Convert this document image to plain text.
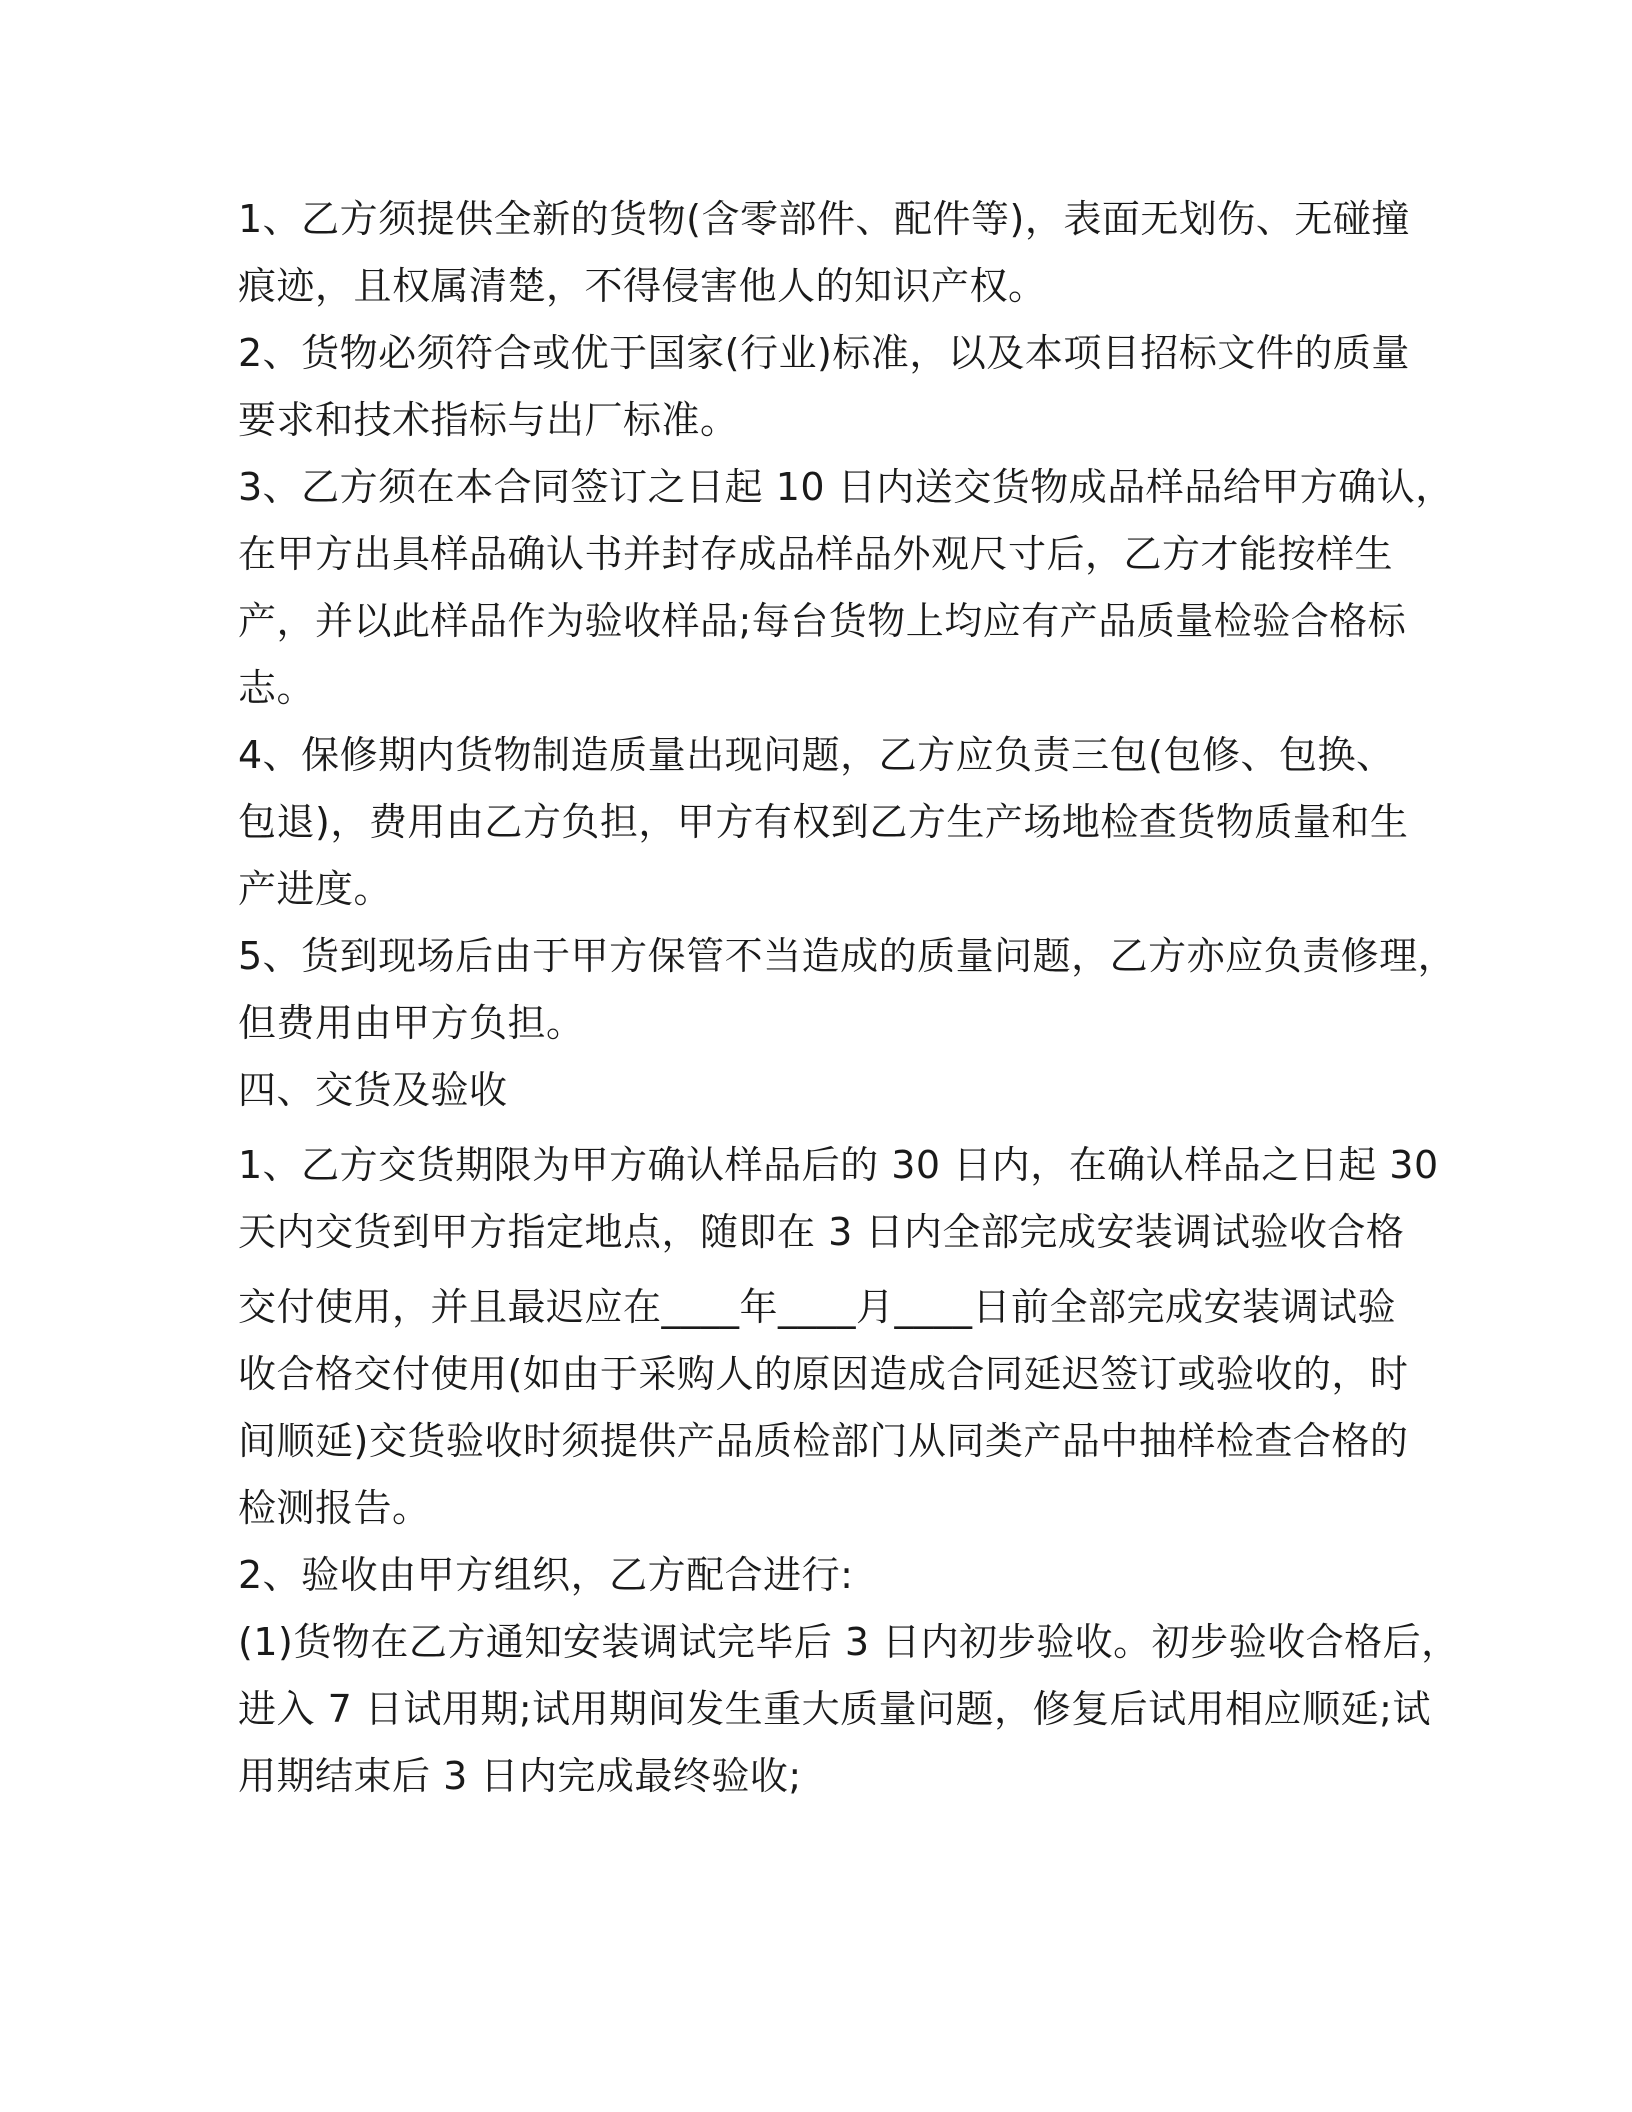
1、乙方须提供全新的货物(含零部件、配件等)，表面无划伤、无碰撞
痕迹，且权属清楚，不得侵害他人的知识产权。
2、货物必须符合或优于国家(行业)标准，以及本项目招标文件的质量
要求和技术指标与出厂标准。
3、乙方须在本合同签订之日起 10 日内送交货物成品样品给甲方确认，
在甲方出具样品确认书并封存成品样品外观尺寸后，乙方才能按样生
产，并以此样品作为验收样品;每台货物上均应有产品质量检验合格标
志。
4、保修期内货物制造质量出现问题，乙方应负责三包(包修、包换、
包退)，费用由乙方负担，甲方有权到乙方生产场地检查货物质量和生
产进度。
5、货到现场后由于甲方保管不当造成的质量问题，乙方亦应负责修理，
但费用由甲方负担。
四、交货及验收
1、乙方交货期限为甲方确认样品后的 30 日内，在确认样品之日起 30
天内交货到甲方指定地点，随即在 3 日内全部完成安装调试验收合格
交付使用，并且最迟应在____年____月____日前全部完成安装调试验
收合格交付使用(如由于采购人的原因造成合同延迟签订或验收的，时
间顺延)交货验收时须提供产品质检部门从同类产品中抽样检查合格的
检测报告。
2、验收由甲方组织，乙方配合进行:
(1)货物在乙方通知安装调试完毕后 3 日内初步验收。初步验收合格后，
进入 7 日试用期;试用期间发生重大质量问题，修复后试用相应顺延;试
用期结束后 3 日内完成最终验收;
